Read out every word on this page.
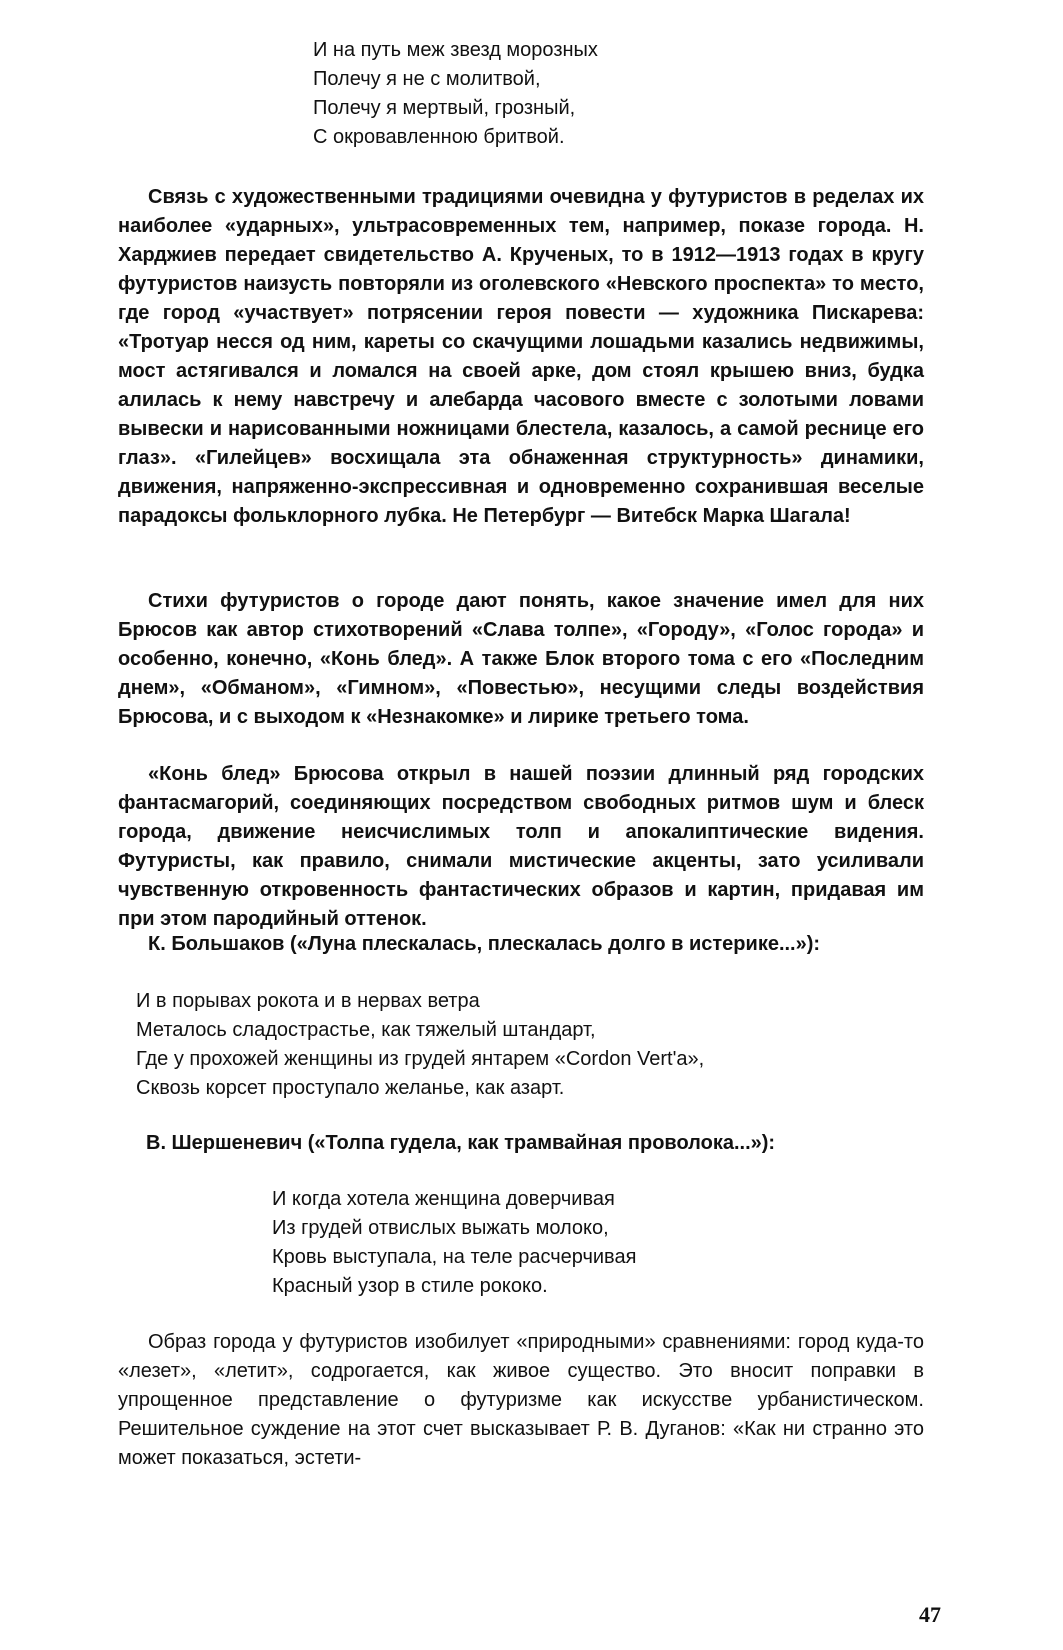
И на путь меж звезд морозных
Полечу я не с молитвой,
Полечу я мертвый, грозный,
С окровавленною бритвой.

Связь с художественными традициями очевидна у футуристов в ределах их наиболее «ударных», ультрасовременных тем, например, показе города. Н. Харджиев передает свидетельство А. Крученых, то в 1912—1913 годах в кругу футуристов наизусть повторяли из оголевского «Невского проспекта» то место, где город «участвует» потрясении героя повести — художника Пискарева: «Тротуар несся од ним, кареты со скачущими лошадьми казались недвижимы, мост астягивался и ломался на своей арке, дом стоял крышею вниз, будка алилась к нему навстречу и алебарда часового вместе с золотыми ловами вывески и нарисованными ножницами блестела, казалось, а самой реснице его глаз». «Гилейцев» восхищала эта обнаженная структурность» динамики, движения, напряженно-экспрессивная и одновременно сохранившая веселые парадоксы фольклорного лубка. Не Петербург — Витебск Марка Шагала!

Стихи футуристов о городе дают понять, какое значение имел для них Брюсов как автор стихотворений «Слава толпе», «Городу», «Голос города» и особенно, конечно, «Конь блед». А также Блок второго тома с его «Последним днем», «Обманом», «Гимном», «Повестью», несущими следы воздействия Брюсова, и с выходом к «Незнакомке» и лирике третьего тома.

«Конь блед» Брюсова открыл в нашей поэзии длинный ряд городских фантасмагорий, соединяющих посредством свободных ритмов шум и блеск города, движение неисчислимых толп и апокалиптические видения. Футуристы, как правило, снимали мистические акценты, зато усиливали чувственную откровенность фантастических образов и картин, придавая им при этом пародийный оттенок.

К. Большаков («Луна плескалась, плескалась долго в истерике...»):
И в порывах рокота и в нервах ветра
Металось сладострастье, как тяжелый штандарт,
Где у прохожей женщины из грудей янтарем «Cordon Vert'a»,
Сквозь корсет проступало желанье, как азарт.
В. Шершеневич («Толпа гудела, как трамвайная проволока...»):
И когда хотела женщина доверчивая
Из грудей отвислых выжать молоко,
Кровь выступала, на теле расчерчивая
Красный узор в стиле рококо.

Образ города у футуристов изобилует «природными» сравнениями: город куда-то «лезет», «летит», содрогается, как живое существо. Это вносит поправки в упрощенное представление о футуризме как искусстве урбанистическом. Решительное суждение на этот счет высказывает Р. В. Дуганов: «Как ни странно это может показаться, эстети-

47
